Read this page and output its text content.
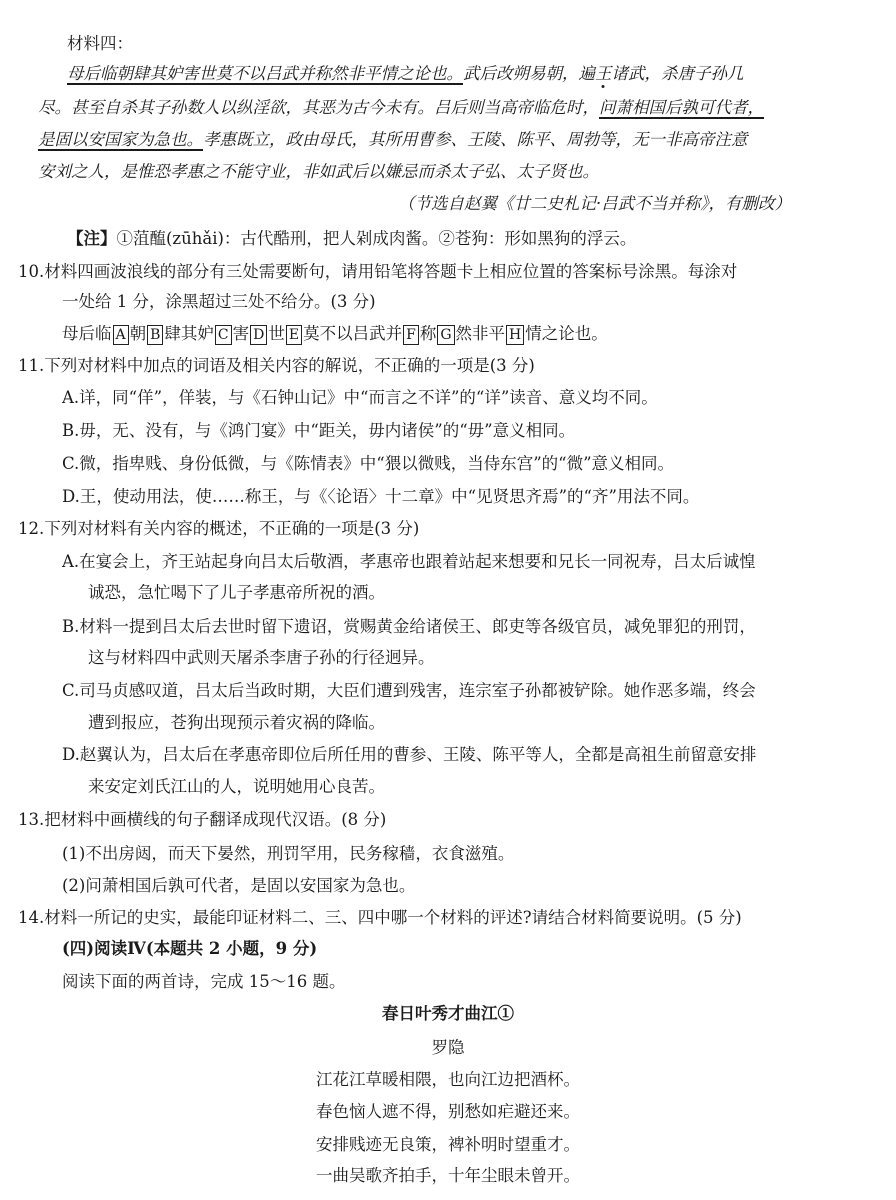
材料四：
母后临朝肆其妒害世莫不以吕武并称然非平情之论也。武后改朔易朝，遍王诸武，杀唐子孙几
尽。甚至自杀其子孙数人以纵淫欲，其恶为古今未有。吕后则当高帝临危时，问萧相国后孰可代者，
是固以安国家为急也。孝惠既立，政由母氏，其所用曹参、王陵、陈平、周勃等，无一非高帝注意
安刘之人，是惟恐孝惠之不能守业，非如武后以嫌忌而杀太子弘、太子贤也。
（节选自赵翼《廿二史札记·吕武不当并称》，有删改）
【注】①菹醢(zūhǎi)：古代酷刑，把人剁成肉酱。②苍狗：形如黑狗的浮云。
10.材料四画波浪线的部分有三处需要断句，请用铅笔将答题卡上相应位置的答案标号涂黑。每涂对
一处给 1 分，涂黑超过三处不给分。(3 分)
母后临 A 朝 B 肆其妒 C 害 D 世 E 莫不以吕武并 F 称 G 然非平 H 情之论也。
11.下列对材料中加点的词语及相关内容的解说，不正确的一项是(3 分)
A.详，同“佯”，佯装，与《石钟山记》中“而言之不详”的“详”读音、意义均不同。
B.毋，无、没有，与《鸿门宴》中“距关，毋内诸侯”的“毋”意义相同。
C.微，指卑贱、身份低微，与《陈情表》中“猥以微贱，当侍东宫”的“微”意义相同。
D.王，使动用法，使……称王，与《〈论语〉十二章》中“见贤思齐焉”的“齐”用法不同。
12.下列对材料有关内容的概述，不正确的一项是(3 分)
A.在宴会上，齐王站起身向吕太后敬酒，孝惠帝也跟着站起来想要和兄长一同祝寿，吕太后诚惶
诚恐，急忙喝下了儿子孝惠帝所祝的酒。
B.材料一提到吕太后去世时留下遗诏，赏赐黄金给诸侯王、郎吏等各级官员，减免罪犯的刑罚，
这与材料四中武则天屠杀李唐子孙的行径迥异。
C.司马贞感叹道，吕太后当政时期，大臣们遭到残害，连宗室子孙都被铲除。她作恶多端，终会
遭到报应，苍狗出现预示着灾祸的降临。
D.赵翼认为，吕太后在孝惠帝即位后所任用的曹参、王陵、陈平等人，全都是高祖生前留意安排
来安定刘氏江山的人，说明她用心良苦。
13.把材料中画横线的句子翻译成现代汉语。(8 分)
(1)不出房闼，而天下晏然，刑罚罕用，民务稼穑，衣食滋殖。
(2)问萧相国后孰可代者，是固以安国家为急也。
14.材料一所记的史实，最能印证材料二、三、四中哪一个材料的评述?请结合材料简要说明。(5 分)
(四)阅读Ⅳ(本题共 2 小题，9 分)
阅读下面的两首诗，完成 15～16 题。
春日叶秀才曲江①
罗隐
江花江草暖相隈，也向江边把酒杯。
春色恼人遮不得，别愁如疟避还来。
安排贱迹无良策，裨补明时望重才。
一曲吴歌齐拍手，十年尘眼未曾开。
